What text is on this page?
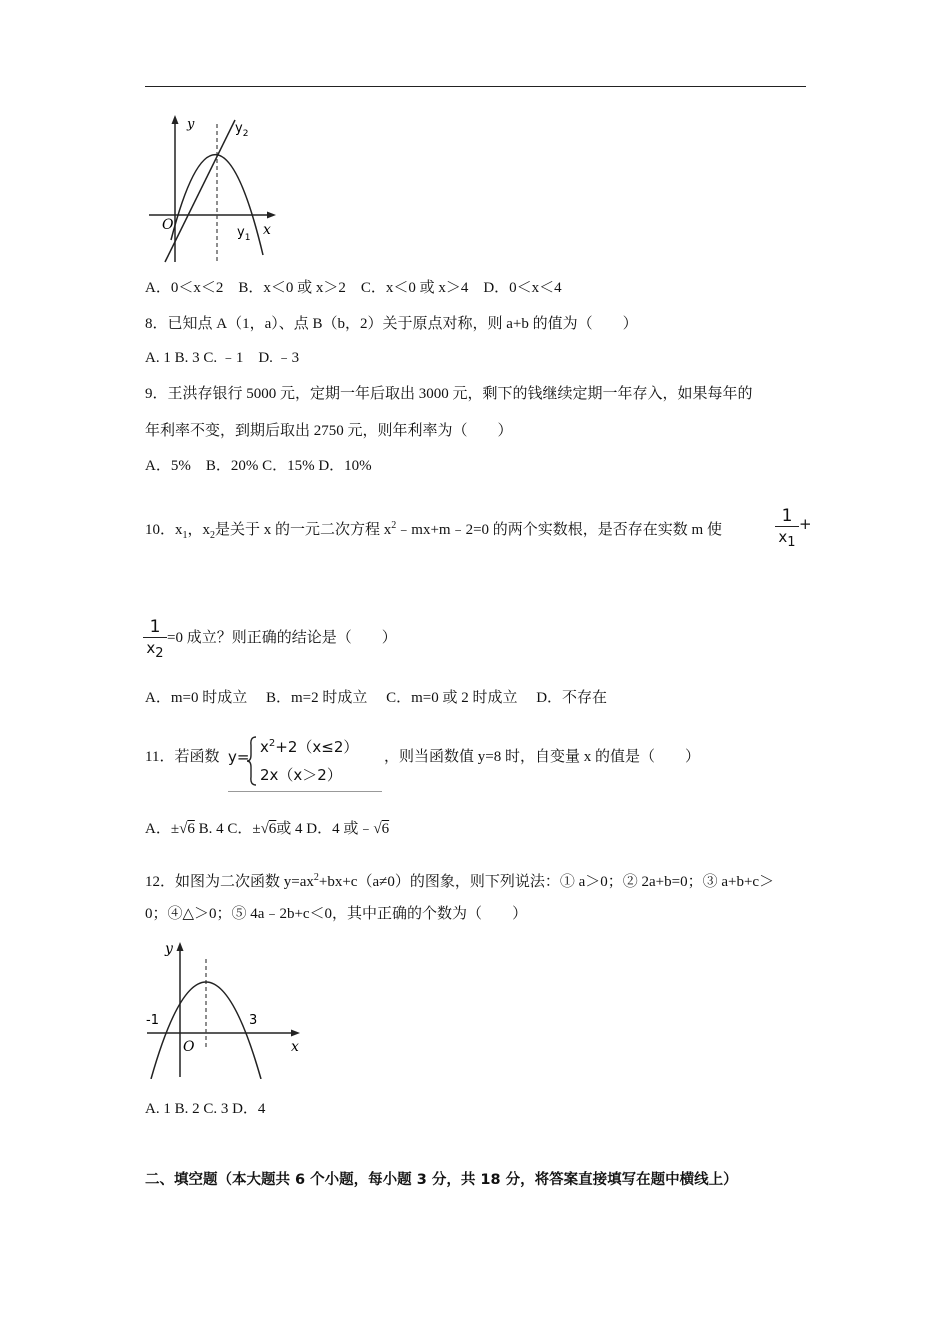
y	$y_2$
$y_1$ x
O
A．0＜x＜2　B．x＜0 或 x＞2　C．x＜0 或 x＞4　D．0＜x＜4
8．已知点 A（1，a）、点 B（b，2）关于原点对称，则 a+b 的值为（　　）
A. 1 B. 3 C. ﹣1　D. ﹣3
9．王洪存银行 5000 元，定期一年后取出 3000 元，剩下的钱继续定期一年存入，如果每年的
年利率不变，到期后取出 2750 元，则年利率为（　　）
A．5%　B．20% C．15% D．10%
10．$x_1$，$x_2$是关于 x 的一元二次方程 $x^2﹣mx+m﹣2=0$ 的两个实数根，是否存在实数 m 使
1
$x_1$
+
1
$x_2$
=0 成立？则正确的结论是（　　）
A．m=0 时成立　 B．m=2 时成立　 C．m=0 或 2 时成立　 D．不存在
11．若函数 y=
$x^2+2(x\le 2)$
2x（x＞2）
，则当函数值 y=8 时，自变量 x 的值是（　　）
A．±√6 B. 4 C．±√6或 4 D．4 或﹣√6
12．如图为二次函数 $y=ax^2+bx+c(a\ne 0)$的图象，则下列说法：① a＞0；② 2a+b=0；③ a+b+c＞
0；④△＞0；⑤ 4a﹣2b+c＜0，其中正确的个数为（　　）
y
x
O
-1	3
A. 1 B. 2 C. 3 D．4
二、填空题（本大题共 6 个小题，每小题 3 分，共 18 分，将答案直接填写在题中横线上）
